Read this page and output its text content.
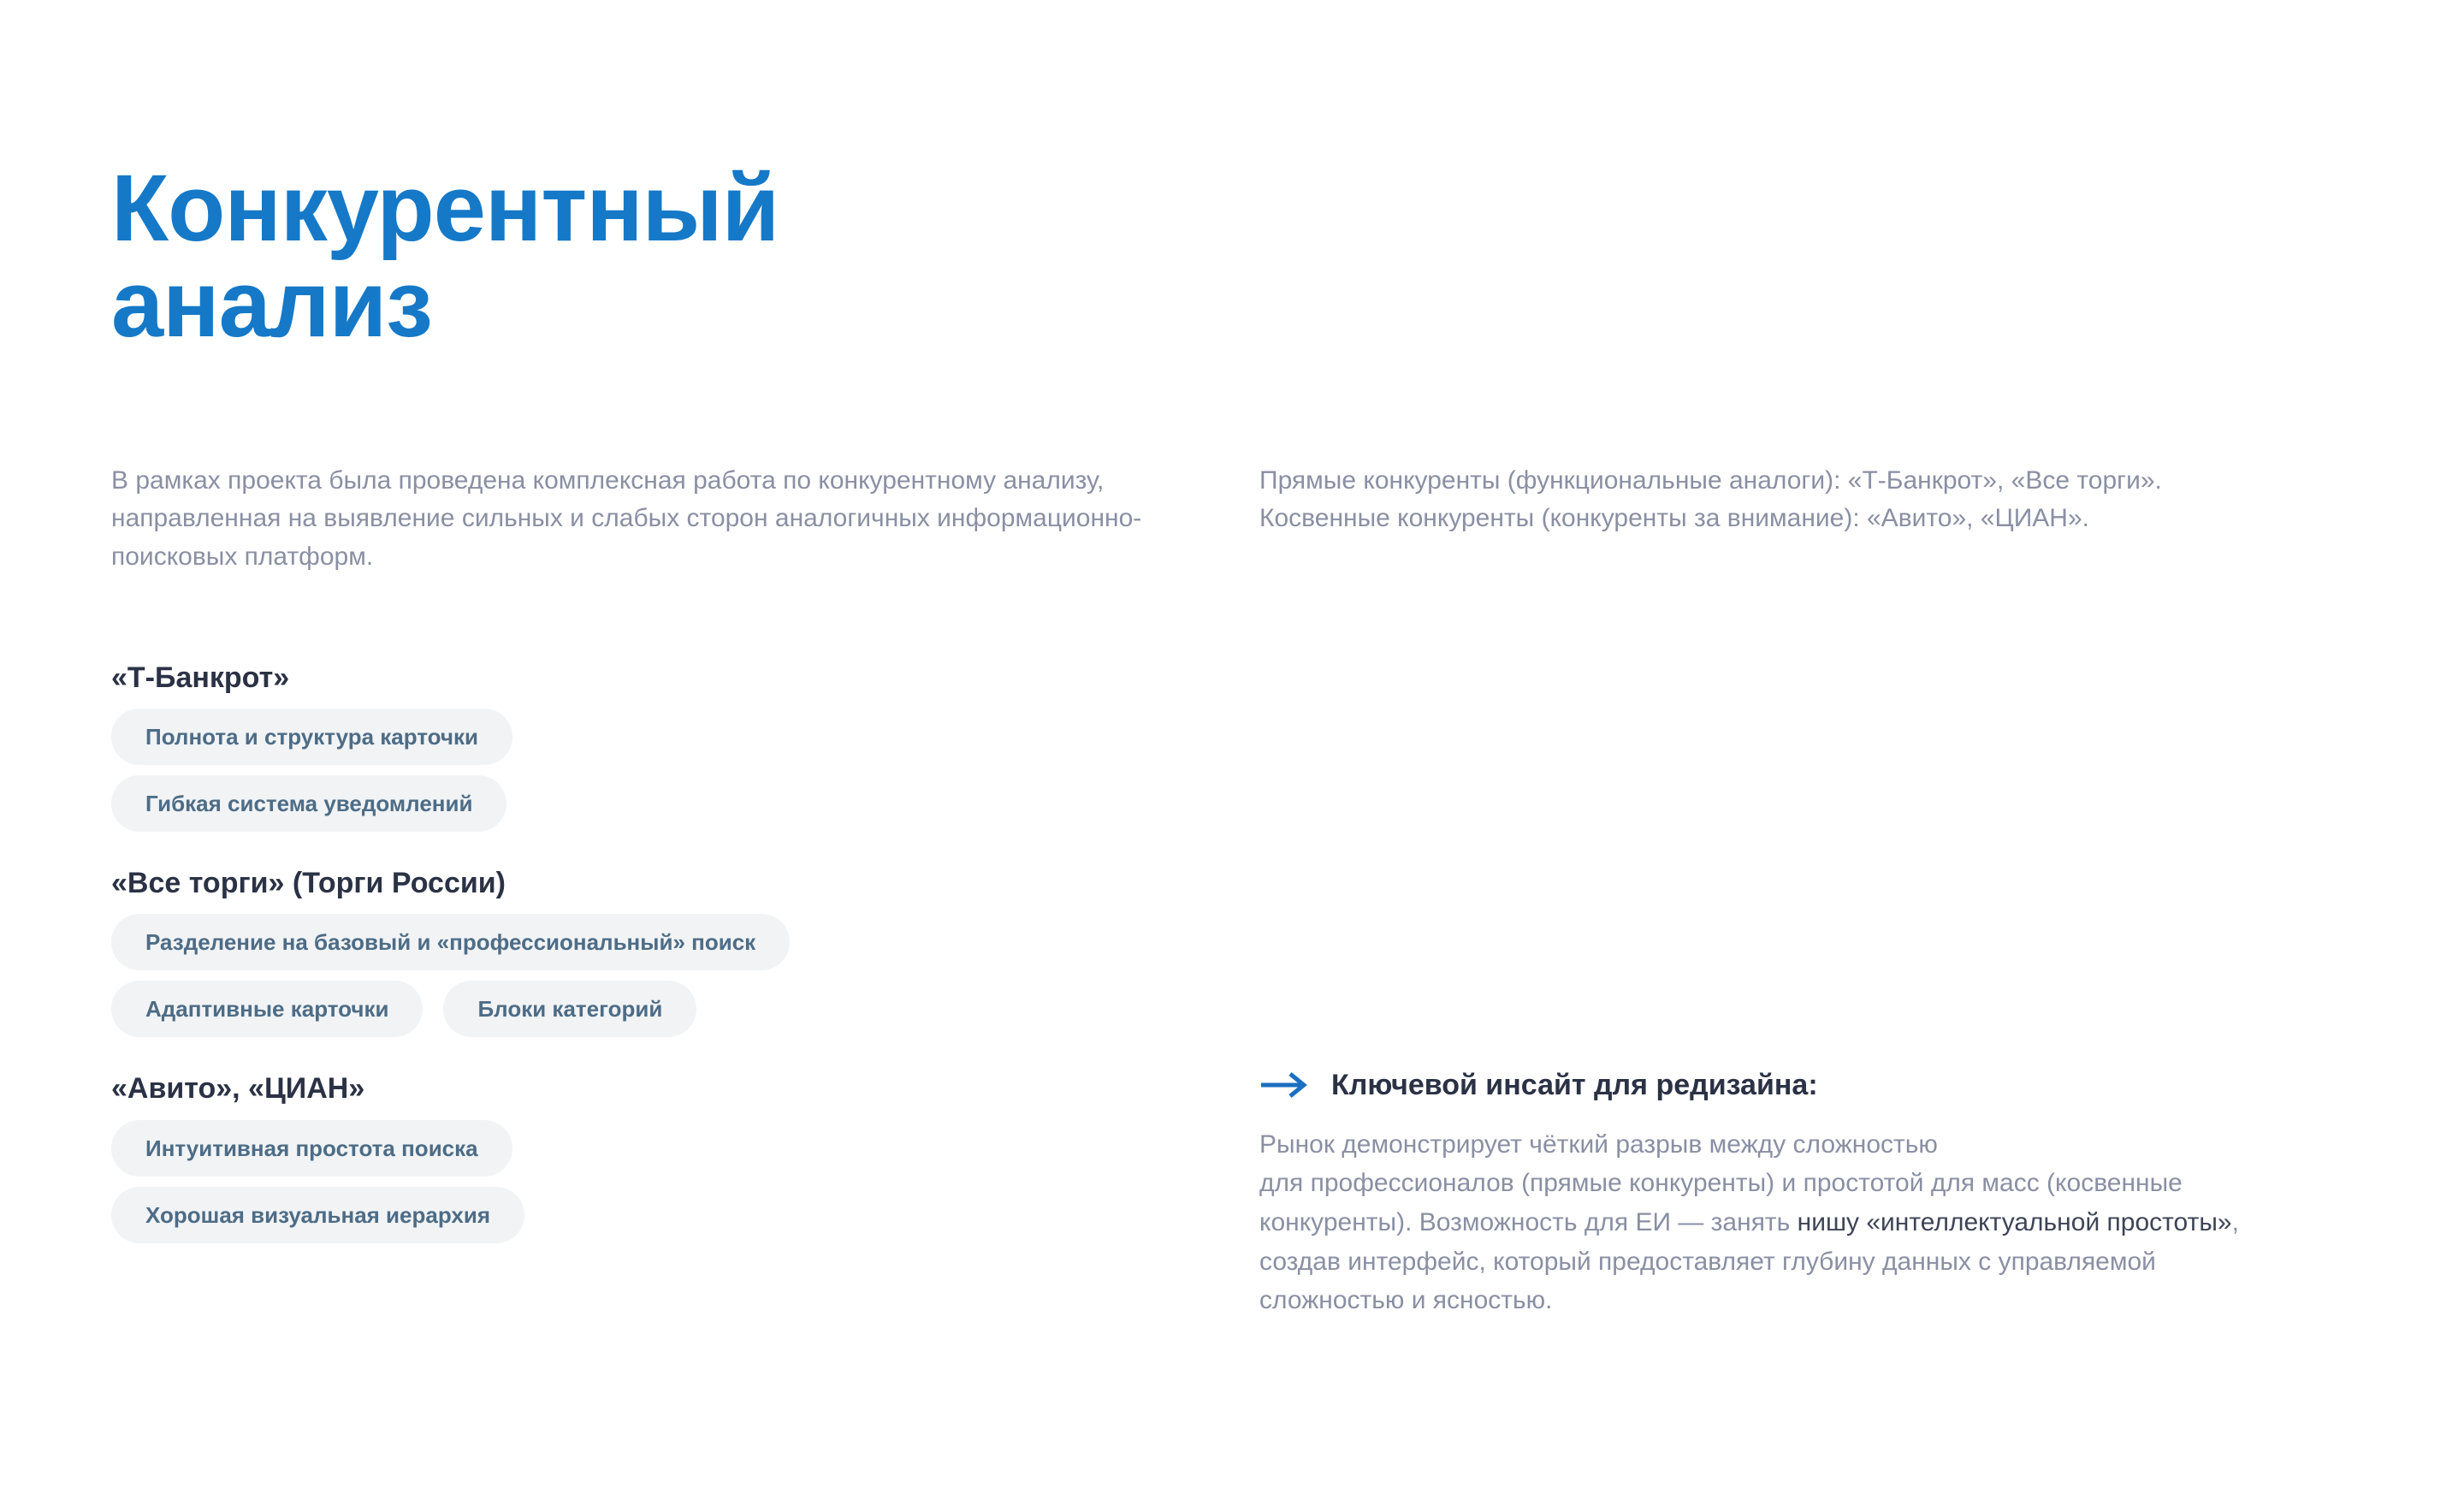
Конкурентный
анализ

В рамках проекта была проведена комплексная работа по конкурентному анализу, направленная на выявление сильных и слабых сторон аналогичных информационно-поисковых платформ.

Прямые конкуренты (функциональные аналоги): «Т-Банкрот», «Все торги».
Косвенные конкуренты (конкуренты за внимание): «Авито», «ЦИАН».

«Т-Банкрот»
Полнота и структура карточки
Гибкая система уведомлений
«Все торги» (Торги России)
Разделение на базовый и «профессиональный» поиск
Адаптивные карточки	Блоки категорий
«Авито», «ЦИАН»
Интуитивная простота поиска
Хорошая визуальная иерархия
Ключевой инсайт для редизайна:

Рынок демонстрирует чёткий разрыв между сложностью
для профессионалов (прямые конкуренты) и простотой для масс (косвенные
конкуренты). Возможность для ЕИ — занять нишу «интеллектуальной простоты»,
создав интерфейс, который предоставляет глубину данных с управляемой
сложностью и ясностью.
